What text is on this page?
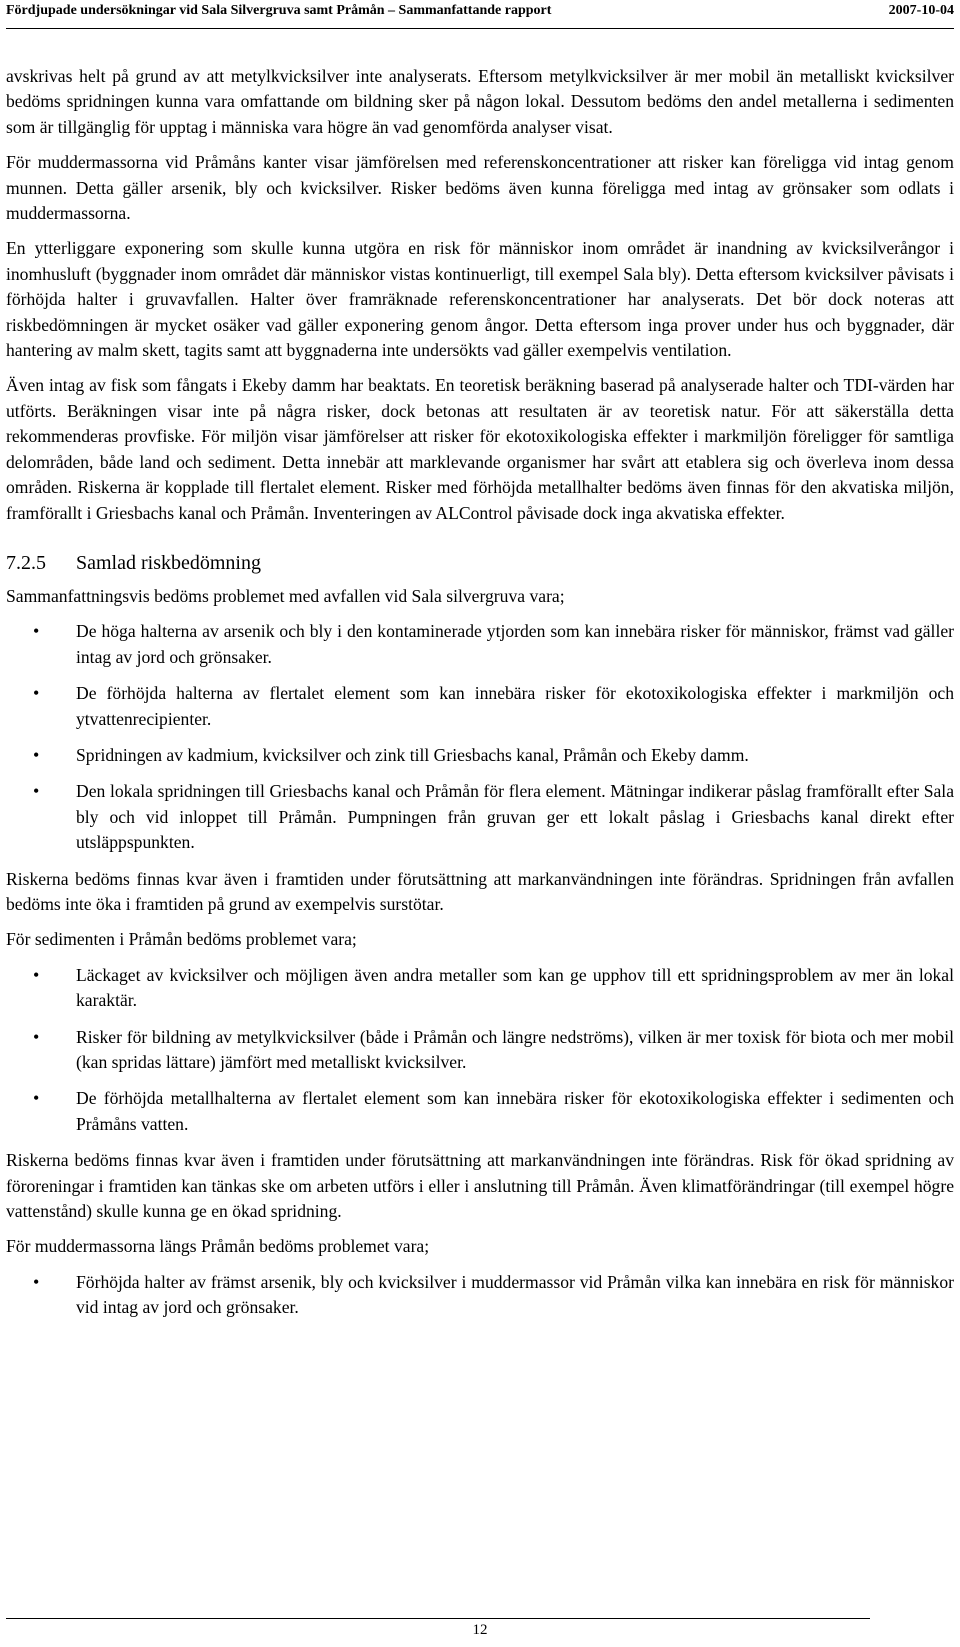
Fördjupade undersökningar vid Sala Silvergruva samt Pråmån – Sammanfattande rapport	2007-10-04

avskrivas helt på grund av att metylkvicksilver inte analyserats. Eftersom metylkvicksilver är mer mobil än metalliskt kvicksilver bedöms spridningen kunna vara omfattande om bildning sker på någon lokal. Dessutom bedöms den andel metallerna i sedimenten som är tillgänglig för upptag i människa vara högre än vad genomförda analyser visat.

För muddermassorna vid Pråmåns kanter visar jämförelsen med referenskoncentrationer att risker kan föreligga vid intag genom munnen. Detta gäller arsenik, bly och kvicksilver. Risker bedöms även kunna föreligga med intag av grönsaker som odlats i muddermassorna.

En ytterliggare exponering som skulle kunna utgöra en risk för människor inom området är inandning av kvicksilverångor i inomhusluft (byggnader inom området där människor vistas kontinuerligt, till exempel Sala bly). Detta eftersom kvicksilver påvisats i förhöjda halter i gruvavfallen. Halter över framräknade referenskoncentrationer har analyserats. Det bör dock noteras att riskbedömningen är mycket osäker vad gäller exponering genom ångor. Detta eftersom inga prover under hus och byggnader, där hantering av malm skett, tagits samt att byggnaderna inte undersökts vad gäller exempelvis ventilation.

Även intag av fisk som fångats i Ekeby damm har beaktats. En teoretisk beräkning baserad på analyserade halter och TDI-värden har utförts. Beräkningen visar inte på några risker, dock betonas att resultaten är av teoretisk natur. För att säkerställa detta rekommenderas provfiske. För miljön visar jämförelser att risker för ekotoxikologiska effekter i markmiljön föreligger för samtliga delområden, både land och sediment. Detta innebär att marklevande organismer har svårt att etablera sig och överleva inom dessa områden. Riskerna är kopplade till flertalet element. Risker med förhöjda metallhalter bedöms även finnas för den akvatiska miljön, framförallt i Griesbachs kanal och Pråmån. Inventeringen av ALControl påvisade dock inga akvatiska effekter.

7.2.5	Samlad riskbedömning

Sammanfattningsvis bedöms problemet med avfallen vid Sala silvergruva vara;

• De höga halterna av arsenik och bly i den kontaminerade ytjorden som kan innebära risker för människor, främst vad gäller intag av jord och grönsaker.
• De förhöjda halterna av flertalet element som kan innebära risker för ekotoxikologiska effekter i markmiljön och ytvattenrecipienter.
• Spridningen av kadmium, kvicksilver och zink till Griesbachs kanal, Pråmån och Ekeby damm.
• Den lokala spridningen till Griesbachs kanal och Pråmån för flera element. Mätningar indikerar påslag framförallt efter Sala bly och vid inloppet till Pråmån. Pumpningen från gruvan ger ett lokalt påslag i Griesbachs kanal direkt efter utsläppspunkten.

Riskerna bedöms finnas kvar även i framtiden under förutsättning att markanvändningen inte förändras. Spridningen från avfallen bedöms inte öka i framtiden på grund av exempelvis surstötar.

För sedimenten i Pråmån bedöms problemet vara;

• Läckaget av kvicksilver och möjligen även andra metaller som kan ge upphov till ett spridningsproblem av mer än lokal karaktär.
• Risker för bildning av metylkvicksilver (både i Pråmån och längre nedströms), vilken är mer toxisk för biota och mer mobil (kan spridas lättare) jämfört med metalliskt kvicksilver.
• De förhöjda metallhalterna av flertalet element som kan innebära risker för ekotoxikologiska effekter i sedimenten och Pråmåns vatten.

Riskerna bedöms finnas kvar även i framtiden under förutsättning att markanvändningen inte förändras. Risk för ökad spridning av föroreningar i framtiden kan tänkas ske om arbeten utförs i eller i anslutning till Pråmån. Även klimatförändringar (till exempel högre vattenstånd) skulle kunna ge en ökad spridning.

För muddermassorna längs Pråmån bedöms problemet vara;

• Förhöjda halter av främst arsenik, bly och kvicksilver i muddermassor vid Pråmån vilka kan innebära en risk för människor vid intag av jord och grönsaker.
12
